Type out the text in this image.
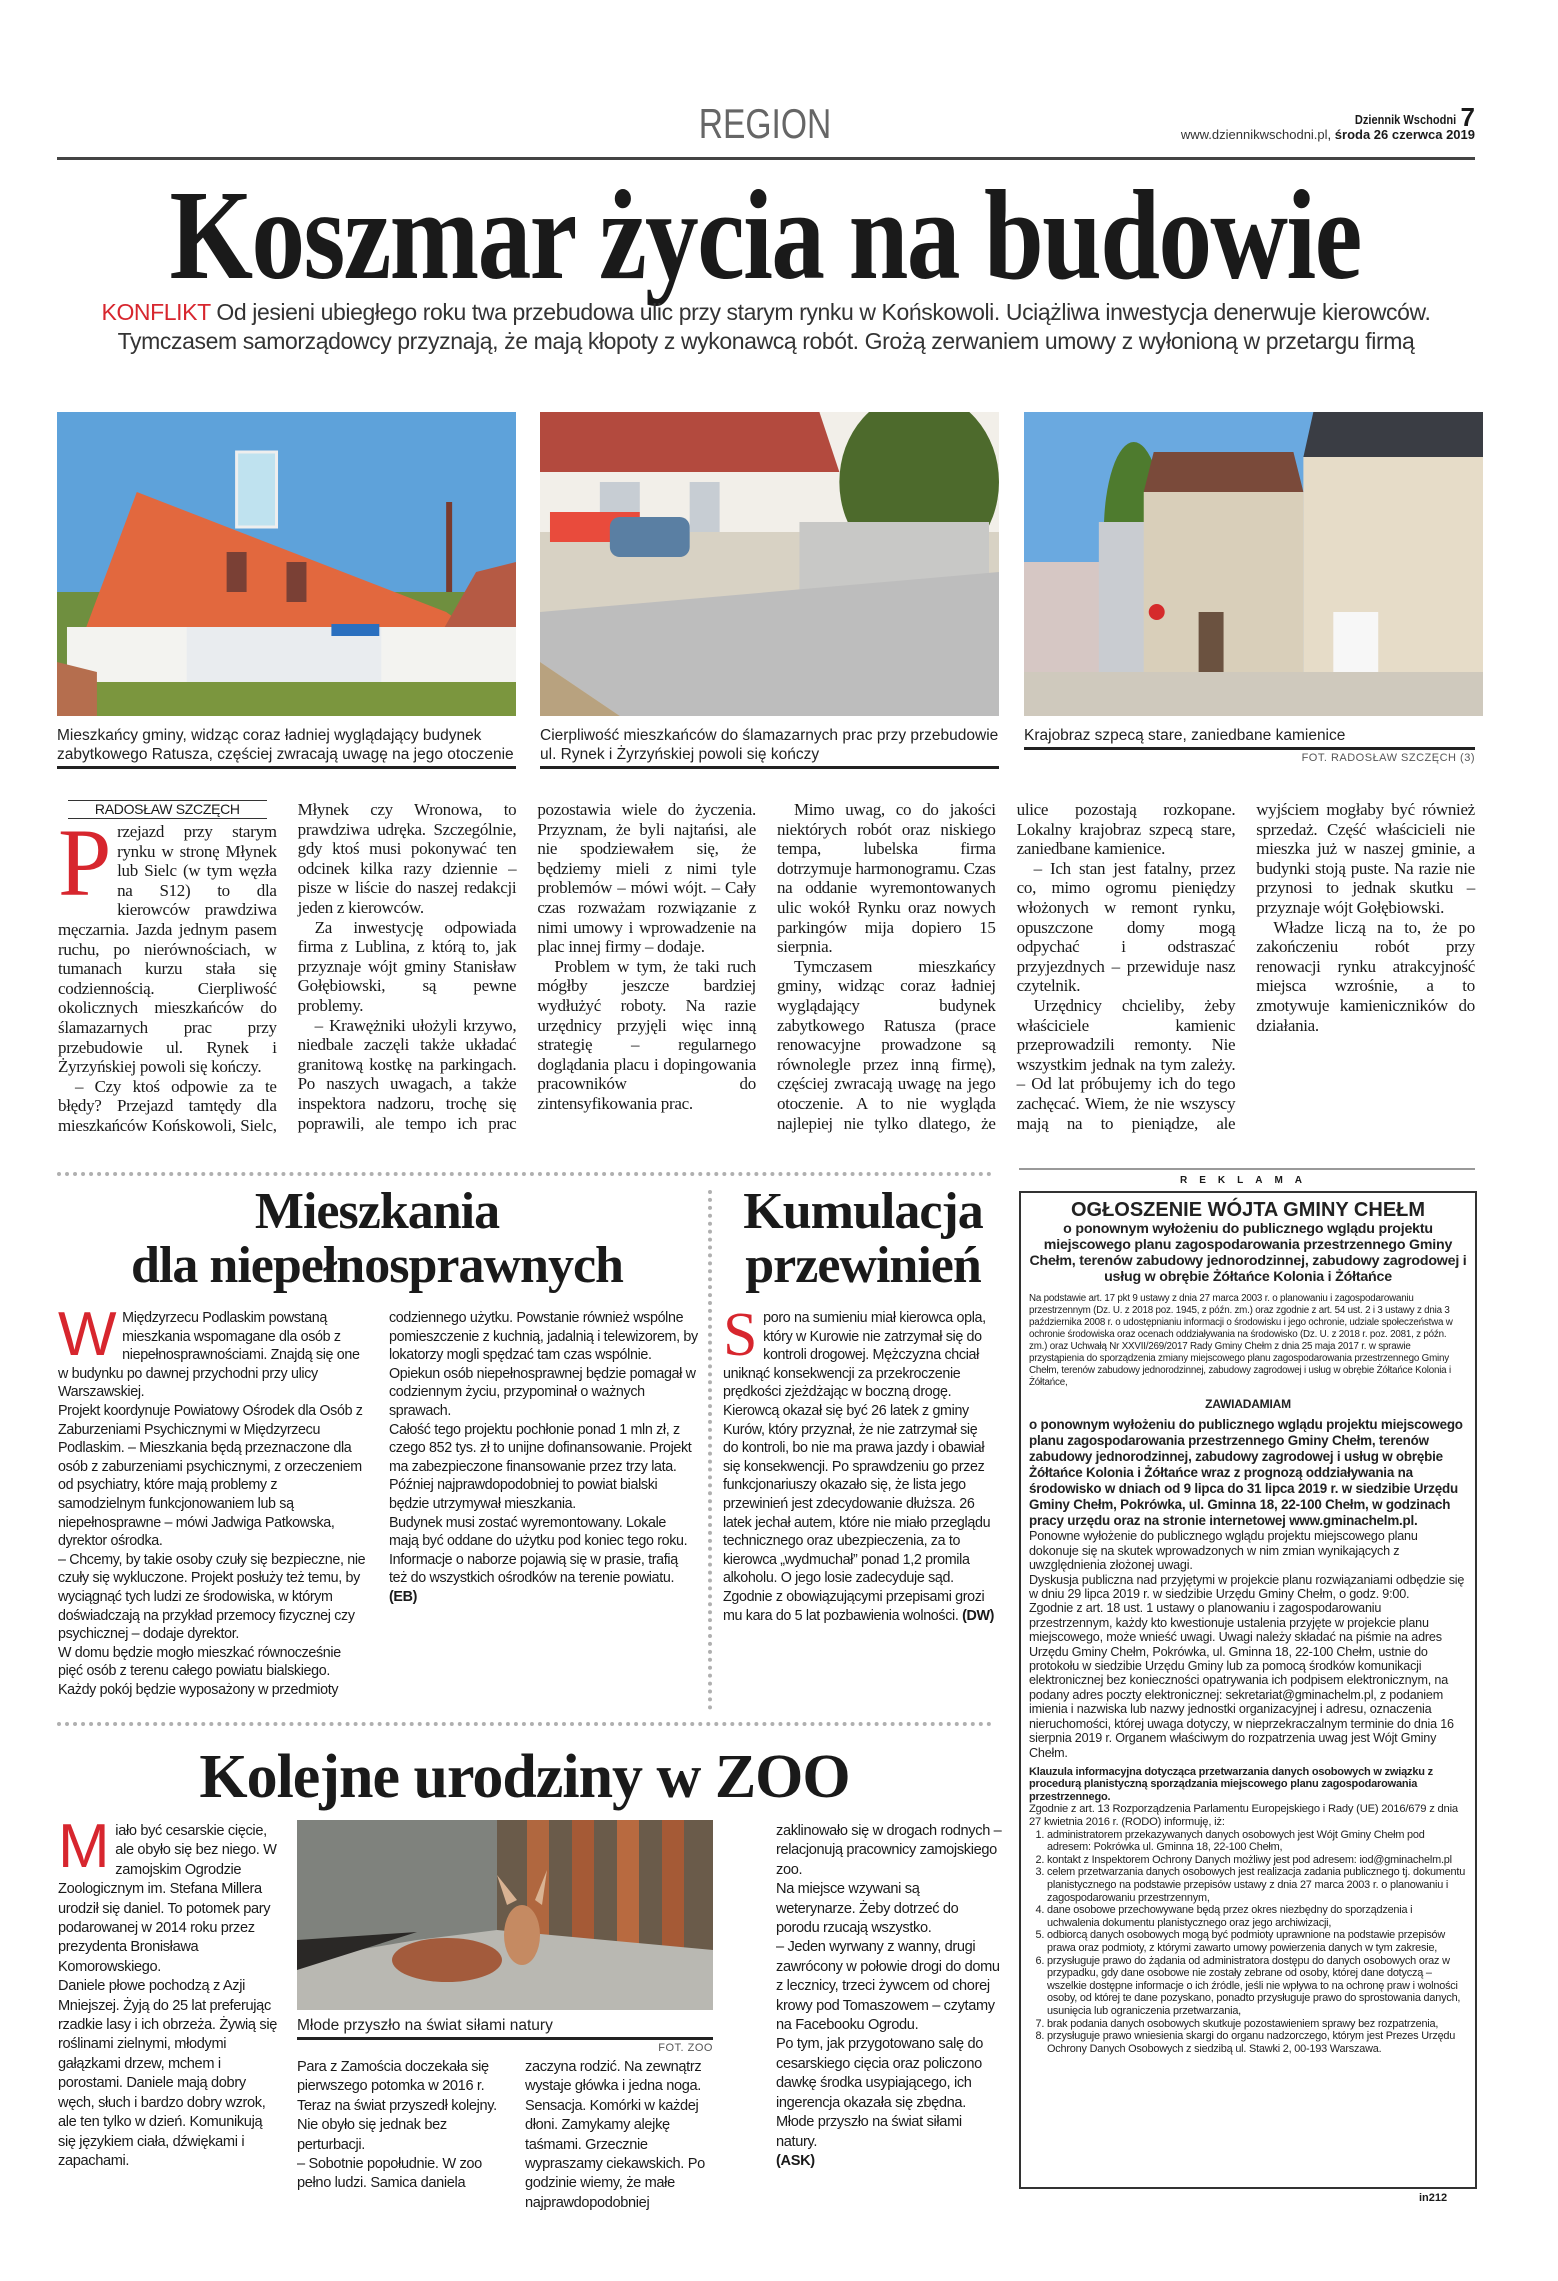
REGION	Dziennik Wschodni 7
www.dziennikwschodni.pl, środa 26 czerwca 2019
Koszmar życia na budowie
KONFLIKT Od jesieni ubiegłego roku twa przebudowa ulic przy starym rynku w Końskowoli. Uciążliwa inwestycja denerwuje kierowców. Tymczasem samorządowcy przyznają, że mają kłopoty z wykonawcą robót. Grożą zerwaniem umowy z wyłonioną w przetargu firmą
Mieszkańcy gminy, widząc coraz ładniej wyglądający budynek zabytkowego Ratusza, częściej zwracają uwagę na jego otoczenie
Cierpliwość mieszkańców do ślamazarnych prac przy przebudowie ul. Rynek i Żyrzyńskiej powoli się kończy
Krajobraz szpecą stare, zaniedbane kamienice
FOT. RADOSŁAW SZCZĘCH (3)
RADOSŁAW SZCZĘCH

Przejazd przy starym rynku w stronę Młynek lub Sielc (w tym węzła na S12) to dla kierowców prawdziwa męczarnia. Jazda jednym pasem ruchu, po nierównościach, w tumanach kurzu stała się codziennością. Cierpliwość okolicznych mieszkańców do ślamazarnych prac przy przebudowie ul. Rynek i Żyrzyńskiej powoli się kończy.

– Czy ktoś odpowie za te błędy? Przejazd tamtędy dla mieszkańców Końskowoli, Sielc, Młynek czy Wronowa, to prawdziwa udręka. Szczególnie, gdy ktoś musi pokonywać ten odcinek kilka razy dziennie – pisze w liście do naszej redakcji jeden z kierowców.

Za inwestycję odpowiada firma z Lublina, z którą to, jak przyznaje wójt gminy Stanisław Gołębiowski, są pewne problemy.

– Krawężniki ułożyli krzywo, niedbale zaczęli także układać granitową kostkę na parkingach. Po naszych uwagach, a także inspektora nadzoru, trochę się poprawili, ale tempo ich prac pozostawia wiele do życzenia. Przyznam, że byli najtańsi, ale nie spodziewałem się, że będziemy mieli z nimi tyle problemów – mówi wójt. – Cały czas rozważam rozwiązanie z nimi umowy i wprowadzenie na plac innej firmy – dodaje.

Problem w tym, że taki ruch mógłby jeszcze bardziej wydłużyć roboty. Na razie urzędnicy przyjęli więc inną strategię – regularnego doglądania placu i dopingowania pracowników do zintensyfikowania prac.

Mimo uwag, co do jakości niektórych robót oraz niskiego tempa, lubelska firma dotrzymuje harmonogramu. Czas na oddanie wyremontowanych ulic wokół Rynku oraz nowych parkingów mija dopiero 15 sierpnia.

Tymczasem mieszkańcy gminy, widząc coraz ładniej wyglądający budynek zabytkowego Ratusza (prace renowacyjne prowadzone są równolegle przez inną firmę), częściej zwracają uwagę na jego otoczenie. A to nie wygląda najlepiej nie tylko dlatego, że ulice pozostają rozkopane. Lokalny krajobraz szpecą stare, zaniedbane kamienice.

– Ich stan jest fatalny, przez co, mimo ogromu pieniędzy włożonych w remont rynku, opuszczone domy mogą odpychać i odstraszać przyjezdnych – przewiduje nasz czytelnik.

Urzędnicy chcieliby, żeby właściciele kamienic przeprowadzili remonty. Nie wszystkim jednak na tym zależy. – Od lat próbujemy ich do tego zachęcać. Wiem, że nie wszyscy mają na to pieniądze, ale wyjściem mogłaby być również sprzedaż. Część właścicieli nie mieszka już w naszej gminie, a budynki stoją puste. Na razie nie przynosi to jednak skutku – przyznaje wójt Gołębiowski.

Władze liczą na to, że po zakończeniu robót przy renowacji rynku atrakcyjność miejsca wzrośnie, a to zmotywuje kamieniczników do działania.

Mieszkania
dla niepełnosprawnych

W Międzyrzecu Podlaskim powstaną mieszkania wspomagane dla osób z niepełnosprawnościami. Znajdą się one w budynku po dawnej przychodni przy ulicy Warszawskiej.

Projekt koordynuje Powiatowy Ośrodek dla Osób z Zaburzeniami Psychicznymi w Międzyrzecu Podlaskim. – Mieszkania będą przeznaczone dla osób z zaburzeniami psychicznymi, z orzeczeniem od psychiatry, które mają problemy z samodzielnym funkcjonowaniem lub są niepełnosprawne – mówi Jadwiga Patkowska, dyrektor ośrodka.

– Chcemy, by takie osoby czuły się bezpieczne, nie czuły się wykluczone. Projekt posłuży też temu, by wyciągnąć tych ludzi ze środowiska, w którym doświadczają na przykład przemocy fizycznej czy psychicznej – dodaje dyrektor.

W domu będzie mogło mieszkać równocześnie pięć osób z terenu całego powiatu bialskiego. Każdy pokój będzie wyposażony w przedmioty codziennego użytku. Powstanie również wspólne pomieszczenie z kuchnią, jadalnią i telewizorem, by lokatorzy mogli spędzać tam czas wspólnie. Opiekun osób niepełnosprawnej będzie pomagał w codziennym życiu, przypominał o ważnych sprawach.

Całość tego projektu pochłonie ponad 1 mln zł, z czego 852 tys. zł to unijne dofinansowanie. Projekt ma zabezpieczone finansowanie przez trzy lata. Później najprawdopodobniej to powiat bialski będzie utrzymywał mieszkania.

Budynek musi zostać wyremontowany. Lokale mają być oddane do użytku pod koniec tego roku. Informacje o naborze pojawią się w prasie, trafią też do wszystkich ośrodków na terenie powiatu.

(EB)

Kumulacja
przewinień

Sporo na sumieniu miał kierowca opla, który w Kurowie nie zatrzymał się do kontroli drogowej. Mężczyzna chciał uniknąć konsekwencji za przekroczenie prędkości zjeżdżając w boczną drogę.

Kierowcą okazał się być 26 latek z gminy Kurów, który przyznał, że nie zatrzymał się do kontroli, bo nie ma prawa jazdy i obawiał się konsekwencji. Po sprawdzeniu go przez funkcjonariuszy okazało się, że lista jego przewinień jest zdecydowanie dłuższa. 26 latek jechał autem, które nie miało przeglądu technicznego oraz ubezpieczenia, za to kierowca „wydmuchał” ponad 1,2 promila alkoholu. O jego losie zadecyduje sąd. Zgodnie z obowiązującymi przepisami grozi mu kara do 5 lat pozbawienia wolności. (DW)

Kolejne urodziny w ZOO

Miało być cesarskie cięcie, ale obyło się bez niego. W zamojskim Ogrodzie Zoologicznym im. Stefana Millera urodził się daniel. To potomek pary podarowanej w 2014 roku przez prezydenta Bronisława Komorowskiego.

Daniele płowe pochodzą z Azji Mniejszej. Żyją do 25 lat preferując rzadkie lasy i ich obrzeża. Żywią się roślinami zielnymi, młodymi gałązkami drzew, mchem i porostami. Daniele mają dobry węch, słuch i bardzo dobry wzrok, ale ten tylko w dzień. Komunikują się językiem ciała, dźwiękami i zapachami.

Młode przyszło na świat siłami natury
FOT. ZOO

Para z Zamościa doczekała się pierwszego potomka w 2016 r. Teraz na świat przyszedł kolejny. Nie obyło się jednak bez perturbacji.

– Sobotnie popołudnie. W zoo pełno ludzi. Samica daniela

zaczyna rodzić. Na zewnątrz wystaje główka i jedna noga. Sensacja. Komórki w każdej dłoni. Zamykamy alejkę taśmami. Grzecznie wypraszamy ciekawskich. Po godzinie wiemy, że małe najprawdopodobniej

zaklinowało się w drogach rodnych – relacjonują pracownicy zamojskiego zoo.

Na miejsce wzywani są weterynarze. Żeby dotrzeć do porodu rzucają wszystko.

– Jeden wyrwany z wanny, drugi zawrócony w połowie drogi do domu z lecznicy, trzeci żywcem od chorej krowy pod Tomaszowem – czytamy na Facebooku Ogrodu.

Po tym, jak przygotowano salę do cesarskiego cięcia oraz policzono dawkę środka usypiającego, ich ingerencja okazała się zbędna. Młode przyszło na świat siłami natury.

(ASK)

REKLAMA
OGŁOSZENIE WÓJTA GMINY CHEŁM
o ponownym wyłożeniu do publicznego wglądu projektu miejscowego planu zagospodarowania przestrzennego Gminy Chełm, terenów zabudowy jednorodzinnej, zabudowy zagrodowej i usług w obrębie Żółtańce Kolonia i Żółtańce

Na podstawie art. 17 pkt 9 ustawy z dnia 27 marca 2003 r. o planowaniu i zagospodarowaniu przestrzennym (Dz. U. z 2018 poz. 1945, z późn. zm.) oraz zgodnie z art. 54 ust. 2 i 3 ustawy z dnia 3 października 2008 r. o udostępnianiu informacji o środowisku i jego ochronie, udziale społeczeństwa w ochronie środowiska oraz ocenach oddziaływania na środowisko (Dz. U. z 2018 r. poz. 2081, z późn. zm.) oraz Uchwałą Nr XXVII/269/2017 Rady Gminy Chełm z dnia 25 maja 2017 r. w sprawie przystąpienia do sporządzenia zmiany miejscowego planu zagospodarowania przestrzennego Gminy Chełm, terenów zabudowy jednorodzinnej, zabudowy zagrodowej i usług w obrębie Żółtańce Kolonia i Żółtańce,

ZAWIADAMIAM

o ponownym wyłożeniu do publicznego wglądu projektu miejscowego planu zagospodarowania przestrzennego Gminy Chełm, terenów zabudowy jednorodzinnej, zabudowy zagrodowej i usług w obrębie Żółtańce Kolonia i Żółtańce wraz z prognozą oddziaływania na środowisko w dniach od 9 lipca do 31 lipca 2019 r. w siedzibie Urzędu Gminy Chełm, Pokrówka, ul. Gminna 18, 22-100 Chełm, w godzinach pracy urzędu oraz na stronie internetowej www.gminachelm.pl.

Ponowne wyłożenie do publicznego wglądu projektu miejscowego planu dokonuje się na skutek wprowadzonych w nim zmian wynikających z uwzględnienia złożonej uwagi.

Dyskusja publiczna nad przyjętymi w projekcie planu rozwiązaniami odbędzie się w dniu 29 lipca 2019 r. w siedzibie Urzędu Gminy Chełm, o godz. 9:00.

Zgodnie z art. 18 ust. 1 ustawy o planowaniu i zagospodarowaniu przestrzennym, każdy kto kwestionuje ustalenia przyjęte w projekcie planu miejscowego, może wnieść uwagi. Uwagi należy składać na piśmie na adres Urzędu Gminy Chełm, Pokrówka, ul. Gminna 18, 22-100 Chełm, ustnie do protokołu w siedzibie Urzędu Gminy lub za pomocą środków komunikacji elektronicznej bez konieczności opatrywania ich podpisem elektronicznym, na podany adres poczty elektronicznej: sekretariat@gminachelm.pl, z podaniem imienia i nazwiska lub nazwy jednostki organizacyjnej i adresu, oznaczenia nieruchomości, której uwaga dotyczy, w nieprzekraczalnym terminie do dnia 16 sierpnia 2019 r. Organem właściwym do rozpatrzenia uwag jest Wójt Gminy Chełm.

Klauzula informacyjna dotycząca przetwarzania danych osobowych w związku z procedurą planistyczną sporządzania miejscowego planu zagospodarowania przestrzennego.

Zgodnie z art. 13 Rozporządzenia Parlamentu Europejskiego i Rady (UE) 2016/679 z dnia 27 kwietnia 2016 r. (RODO) informuję, iż:

1. administratorem przekazywanych danych osobowych jest Wójt Gminy Chełm pod adresem: Pokrówka ul. Gminna 18, 22-100 Chełm,
2. kontakt z Inspektorem Ochrony Danych możliwy jest pod adresem: iod@gminachelm.pl
3. celem przetwarzania danych osobowych jest realizacja zadania publicznego tj. dokumentu planistycznego na podstawie przepisów ustawy z dnia 27 marca 2003 r. o planowaniu i zagospodarowaniu przestrzennym,
4. dane osobowe przechowywane będą przez okres niezbędny do sporządzenia i uchwalenia dokumentu planistycznego oraz jego archiwizacji,
5. odbiorcą danych osobowych mogą być podmioty uprawnione na podstawie przepisów prawa oraz podmioty, z którymi zawarto umowy powierzenia danych w tym zakresie,
6. przysługuje prawo do żądania od administratora dostępu do danych osobowych oraz w przypadku, gdy dane osobowe nie zostały zebrane od osoby, której dane dotyczą – wszelkie dostępne informacje o ich źródle, jeśli nie wpływa to na ochronę praw i wolności osoby, od której te dane pozyskano, ponadto przysługuje prawo do sprostowania danych, usunięcia lub ograniczenia przetwarzania,
7. brak podania danych osobowych skutkuje pozostawieniem sprawy bez rozpatrzenia,
8. przysługuje prawo wniesienia skargi do organu nadzorczego, którym jest Prezes Urzędu Ochrony Danych Osobowych z siedzibą ul. Stawki 2, 00-193 Warszawa.
in212
